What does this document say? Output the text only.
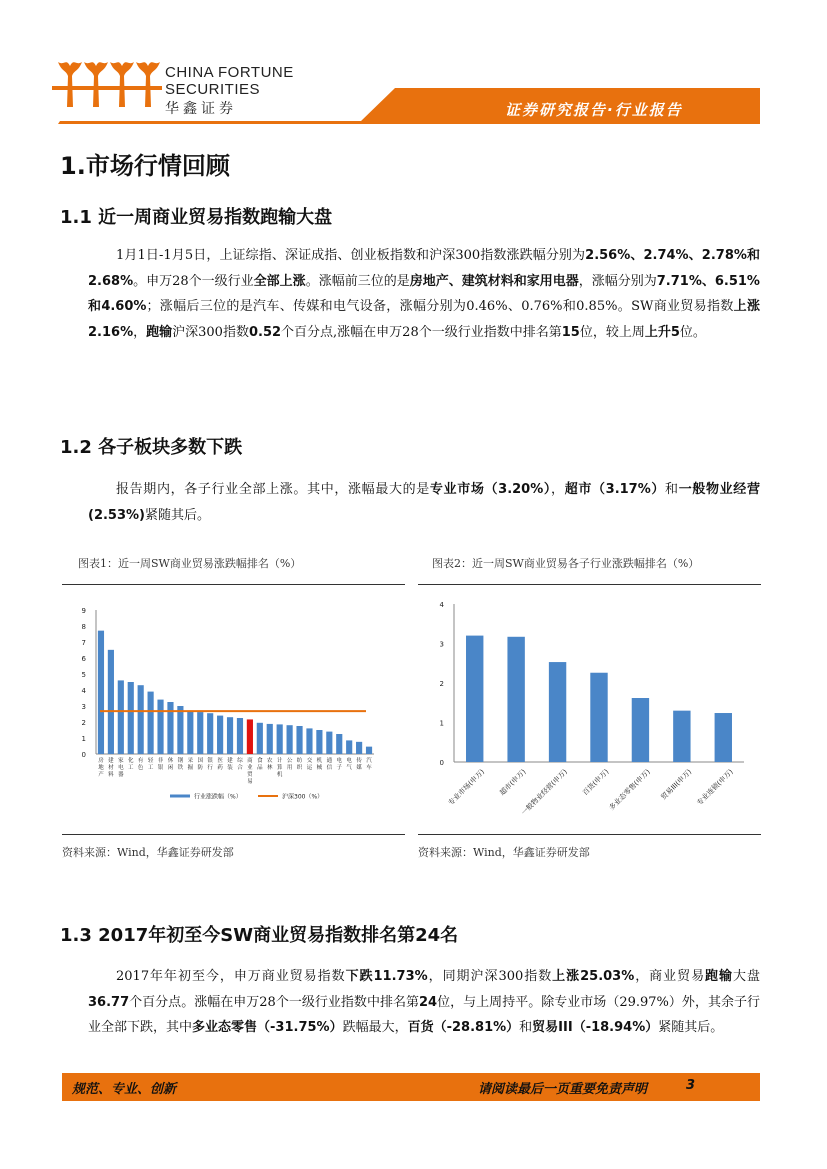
CHINA FORTUNE
SECURITIES
华鑫证券	证券研究报告·行业报告
1.市场行情回顾
1.1 近一周商业贸易指数跑输大盘
1月1日-1月5日，上证综指、深证成指、创业板指数和沪深300指数涨跌幅分别为2.56%、2.74%、2.78%和2.68%。申万28个一级行业全部上涨。涨幅前三位的是房地产、建筑材料和家用电器，涨幅分别为7.71%、6.51%和4.60%；涨幅后三位的是汽车、传媒和电气设备，涨幅分别为0.46%、0.76%和0.85%。SW商业贸易指数上涨2.16%，跑输沪深300指数0.52个百分点,涨幅在申万28个一级行业指数中排名第15位，较上周上升5位。
1.2 各子板块多数下跌
报告期内，各子行业全部上涨。其中，涨幅最大的是专业市场（3.20%），超市（3.17%）和一般物业经营(2.53%)紧随其后。
图表1：近一周SW商业贸易涨跌幅排名（%）	图表2：近一周SW商业贸易各子行业涨跌幅排名（%）
0
1
2
3
4
5
6
7
8
9
房
地
产
建
材
料
家
电
器
化
工
有
色
轻
工
非
银
休
闲
钢
铁
采
掘
国
防
银
行
医
药
建
装
综
合
商
业
贸
易
食
品
农
林
计
算
机
公
用
纺
织
交
运
机
械
通
信
电
子
电
气
传
媒
汽
车
行业涨跌幅（%）	沪深300（%）
0
1
2
3
4
专业市场(申万) 超市(申万)
一般物业经营(申万) 百货(申万)
多业态零售(申万) 贸易III(申万) 专业连锁(申万)
资料来源：Wind，华鑫证券研发部	资料来源：Wind，华鑫证券研发部
1.3 2017年初至今SW商业贸易指数排名第24名
2017年年初至今，申万商业贸易指数下跌11.73%，同期沪深300指数上涨25.03%，商业贸易跑输大盘36.77个百分点。涨幅在申万28个一级行业指数中排名第24位，与上周持平。除专业市场（29.97%）外，其余子行业全部下跌，其中多业态零售（-31.75%）跌幅最大，百货（-28.81%）和贸易III（-18.94%）紧随其后。
规范、专业、创新	请阅读最后一页重要免责声明	3
